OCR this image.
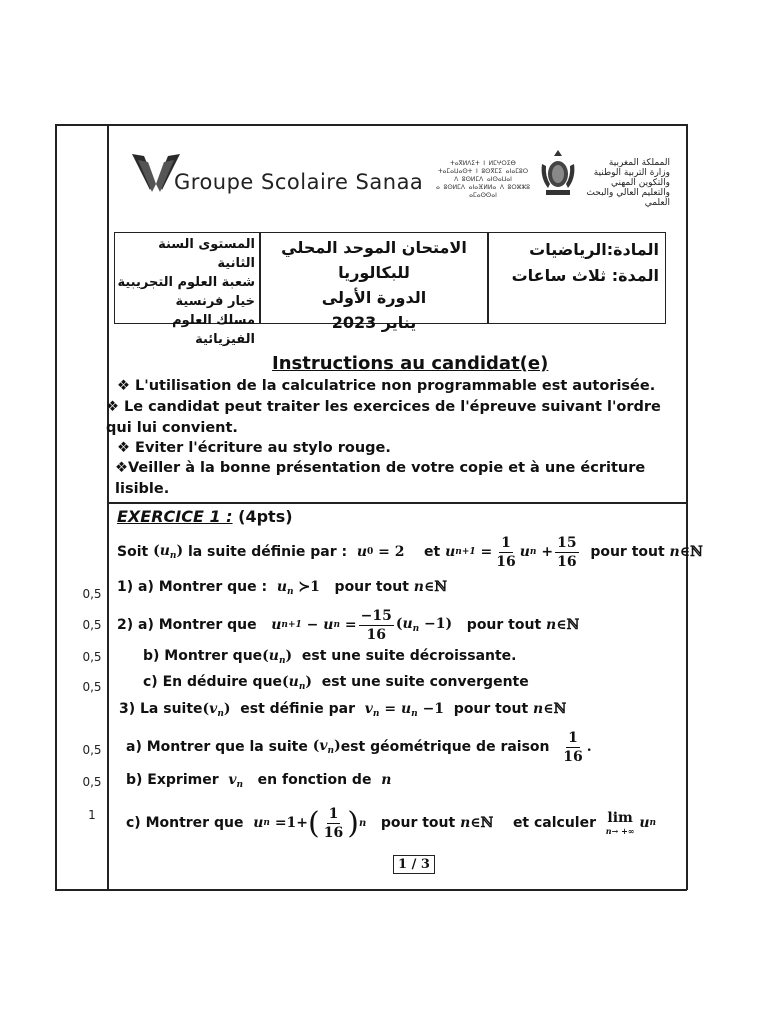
Groupe Scolaire Sanaa
ⵜⴰⴳⵍⴷⵉⵜ ⵏ ⵍⵎⵖⵔⵉⴱ
ⵜⴰⵎⴰⵡⴰⵙⵜ ⵏ ⵓⵙⴳⵎⵉ ⴰⵏⴰⵎⵓⵔ
ⴷ ⵓⵙⵍⵎⴷ ⴰⵏⵙⴰⵡⴰⵏ
ⴰ ⵓⵙⵍⵎⴷ ⴰⵏⴰⴼⵍⵍⴰ ⴷ ⵓⵔⵣⵣⵓ ⴰⵎⴰⵙⵙⴰⵏ
المملكة المغربية
وزارة التربية الوطنية
والتكوين المهني
والتعليم العالي والبحث العلمي
المستوى السنة الثانية
شعبة العلوم التجريبية
خيار فرنسية
مسلك العلوم الفيزيائية
الامتحان الموحد المحلي للبكالوريا
الدورة الأولى
يناير 2023
المادة:الرياضيات
المدة: ثلاث ساعات
Instructions au candidat(e)
❖ L'utilisation de la calculatrice non programmable est autorisée.
❖ Le candidat peut traiter les exercices de l'épreuve suivant l'ordre qui lui convient.
❖ Eviter l'écriture au stylo rouge.
❖Veiller à la bonne présentation de votre copie et à une écriture lisible.
EXERCICE 1 : (4pts)
Soit
$(u_n)$
la suite définie par :
u 0
= 2
et
u n+1
= $\frac{1}{16}$ u n
+ $\frac{15}{16}$
pour tout
n ∈ℕ
0,5 1) a) Montrer que : $u_n$ ≻1 pour tout n∈ℕ
0,5 2) a) Montrer que
u n+1
−
u n
= $\frac{-15}{16} (u_n -1)$
pour tout
n ∈ℕ
0,5	b) Montrer $que(u_n)$ est une suite décroissante.
0,5	c) En déduire $que(u_n)$ est une suite convergente
3) La $suite(v_n)$ est définie par $v_n = u_n -1$ pour tout n∈ℕ
0,5 a) Montrer que la suite
$(v_n)$ est géométrique de raison
$\frac{1}{16}$ .
0,5 b) Exprimer $v_n$ en fonction de n
1	c) Montrer que
u n
=1+ ( $\frac{1}{16}$ ) n
pour tout
n ∈ℕ
et calculer
lim
n→ +∞
u n
1 / 3
